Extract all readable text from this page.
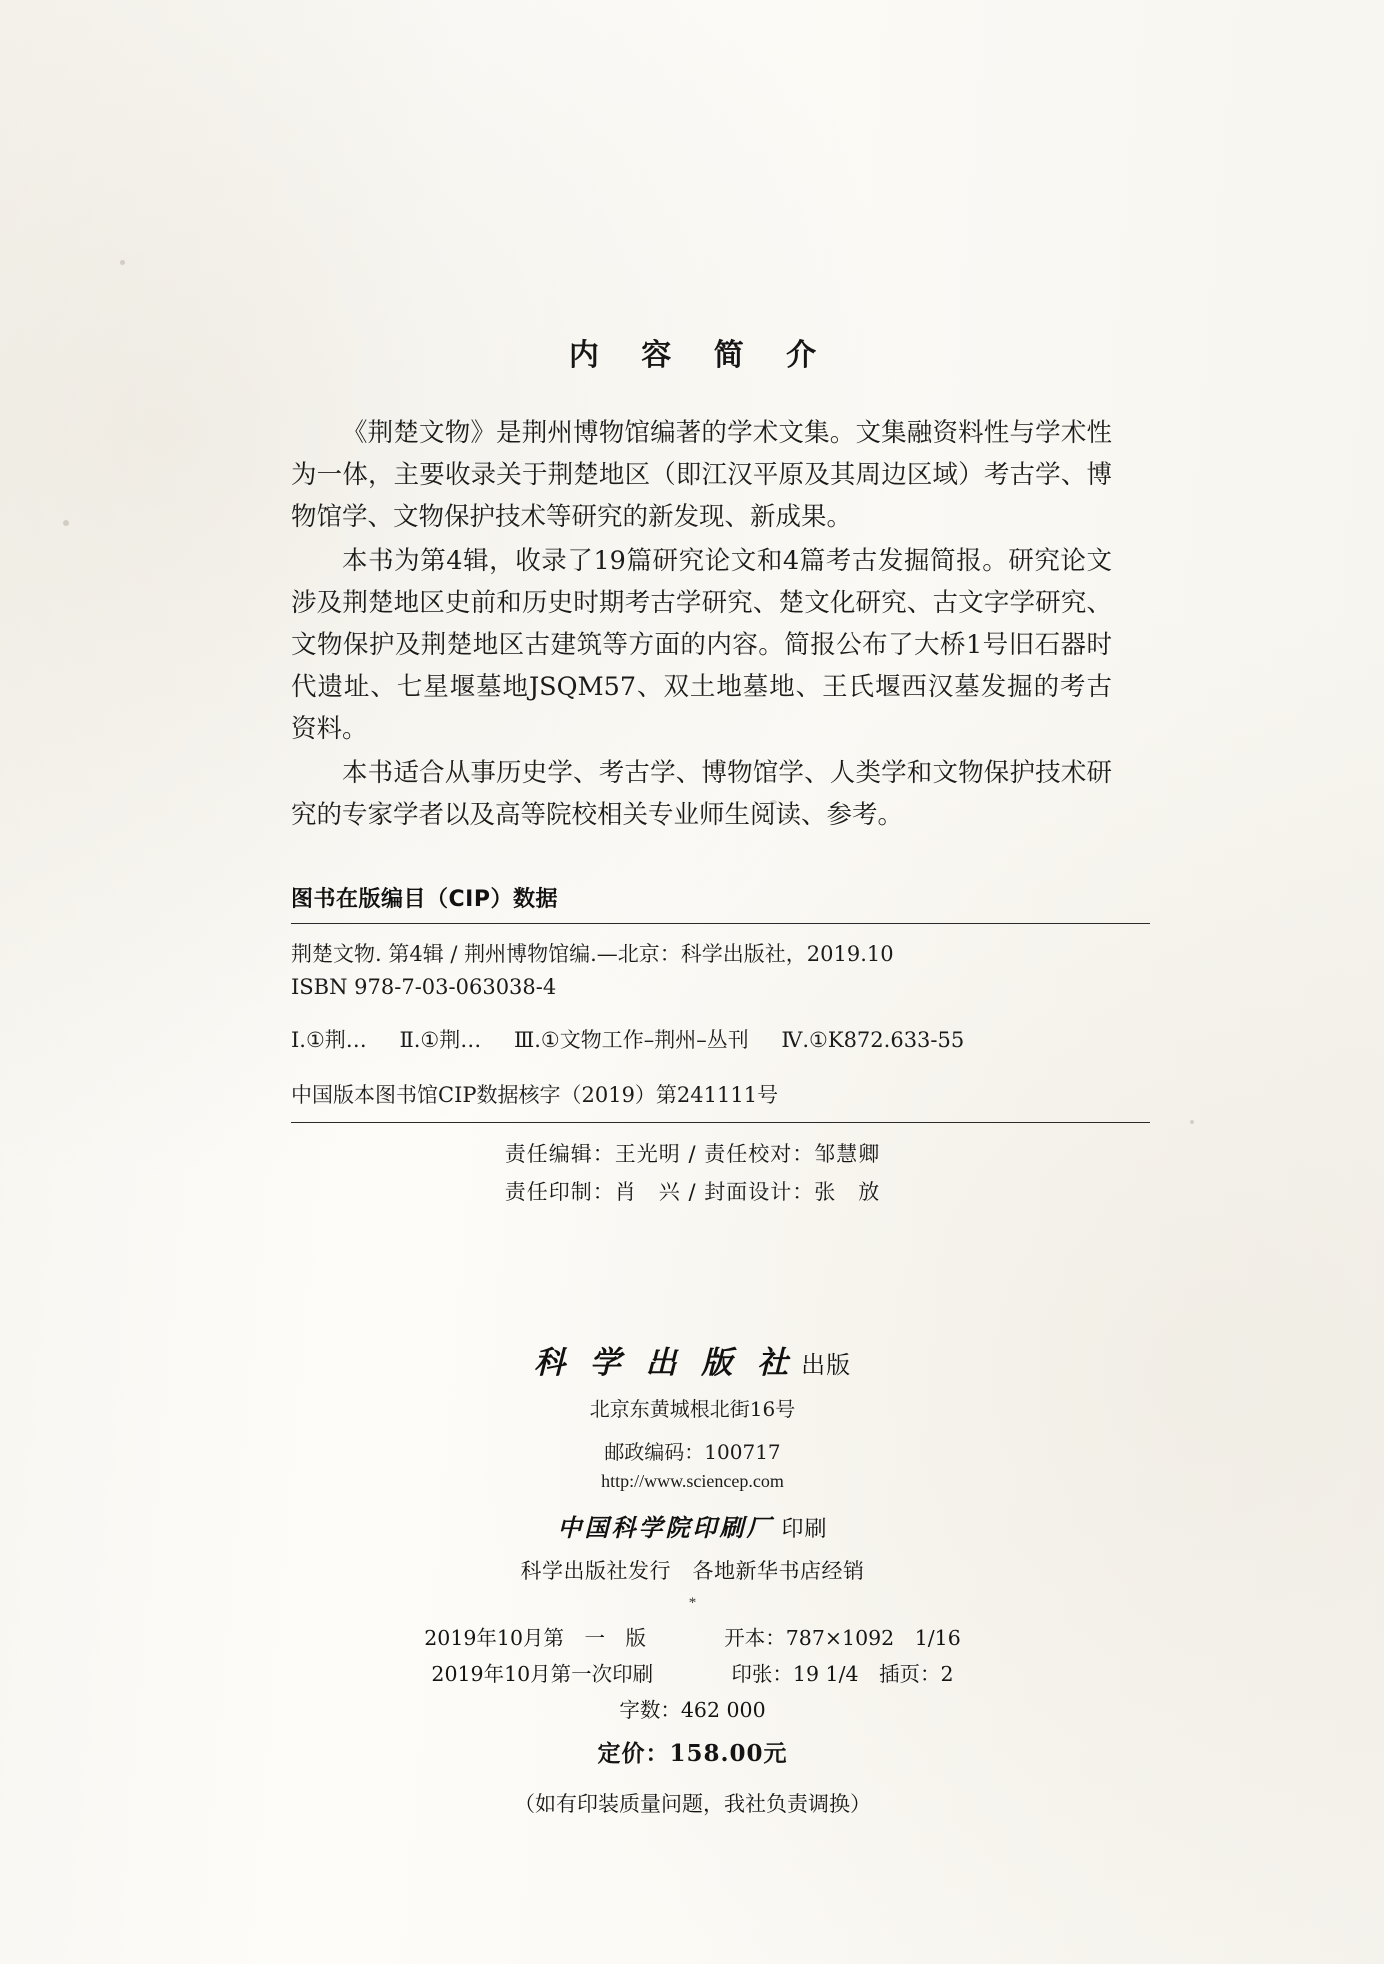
内 容 简 介

《荆楚文物》是荆州博物馆编著的学术文集。文集融资料性与学术性为一体，主要收录关于荆楚地区（即江汉平原及其周边区域）考古学、博物馆学、文物保护技术等研究的新发现、新成果。

本书为第4辑，收录了19篇研究论文和4篇考古发掘简报。研究论文涉及荆楚地区史前和历史时期考古学研究、楚文化研究、古文字学研究、文物保护及荆楚地区古建筑等方面的内容。简报公布了大桥1号旧石器时代遗址、七星堰墓地JSQM57、双土地墓地、王氏堰西汉墓发掘的考古资料。

本书适合从事历史学、考古学、博物馆学、人类学和文物保护技术研究的专家学者以及高等院校相关专业师生阅读、参考。

图书在版编目（CIP）数据
荆楚文物. 第4辑 / 荆州博物馆编.—北京：科学出版社，2019.10
ISBN 978-7-03-063038-4
Ⅰ.①荆… Ⅱ.①荆… Ⅲ.①文物工作–荆州–丛刊 Ⅳ.①K872.633-55
中国版本图书馆CIP数据核字（2019）第241111号
责任编辑：王光明 / 责任校对：邹慧卿
责任印制：肖　兴 / 封面设计：张　放
科 学 出 版 社 出版
北京东黄城根北街16号
邮政编码：100717
http://www.sciencep.com
中国科学院印刷厂 印刷
科学出版社发行　各地新华书店经销
*
2019年10月第　一　版	开本：787×1092　1/16
2019年10月第一次印刷	印张：19 1/4　插页：2
字数：462 000
定价：158.00元
（如有印装质量问题，我社负责调换）
